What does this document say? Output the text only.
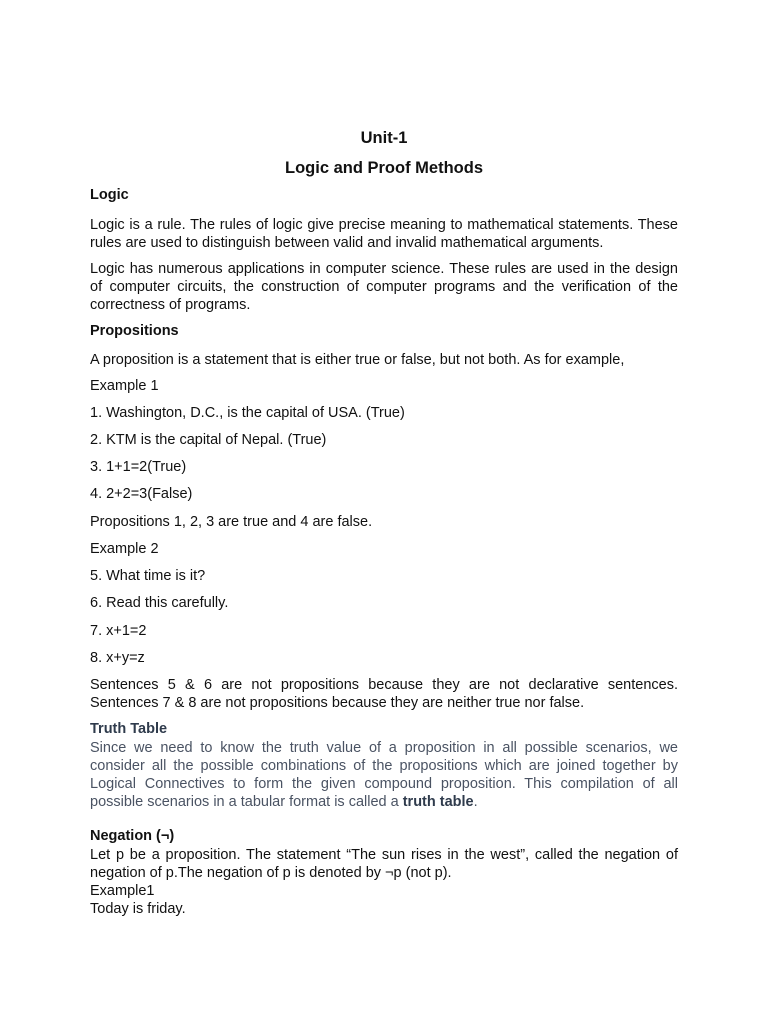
Unit-1
Logic and Proof Methods
Logic
Logic is a rule. The rules of logic give precise meaning to mathematical statements. These rules are used to distinguish between valid and invalid mathematical arguments.
Logic has numerous applications in computer science. These rules are used in the design of computer circuits, the construction of computer programs and the verification of the correctness of programs.
Propositions
A proposition is a statement that is either true or false, but not both. As for example,
Example 1
1. Washington, D.C., is the capital of USA. (True)
2. KTM is the capital of Nepal. (True)
3. 1+1=2(True)
4. 2+2=3(False)
Propositions 1, 2, 3 are true and 4 are false.
Example 2
5. What time is it?
6. Read this carefully.
7. x+1=2
8. x+y=z
Sentences 5 & 6 are not propositions because they are not declarative sentences. Sentences 7 & 8 are not propositions because they are neither true nor false.
Truth Table
Since we need to know the truth value of a proposition in all possible scenarios, we consider all the possible combinations of the propositions which are joined together by Logical Connectives to form the given compound proposition. This compilation of all possible scenarios in a tabular format is called a truth table.
Negation (¬)
Let p be a proposition. The statement “The sun rises in the west”, called the negation of negation of p.The negation of p is denoted by ¬p (not p).
Example1
Today is friday.
